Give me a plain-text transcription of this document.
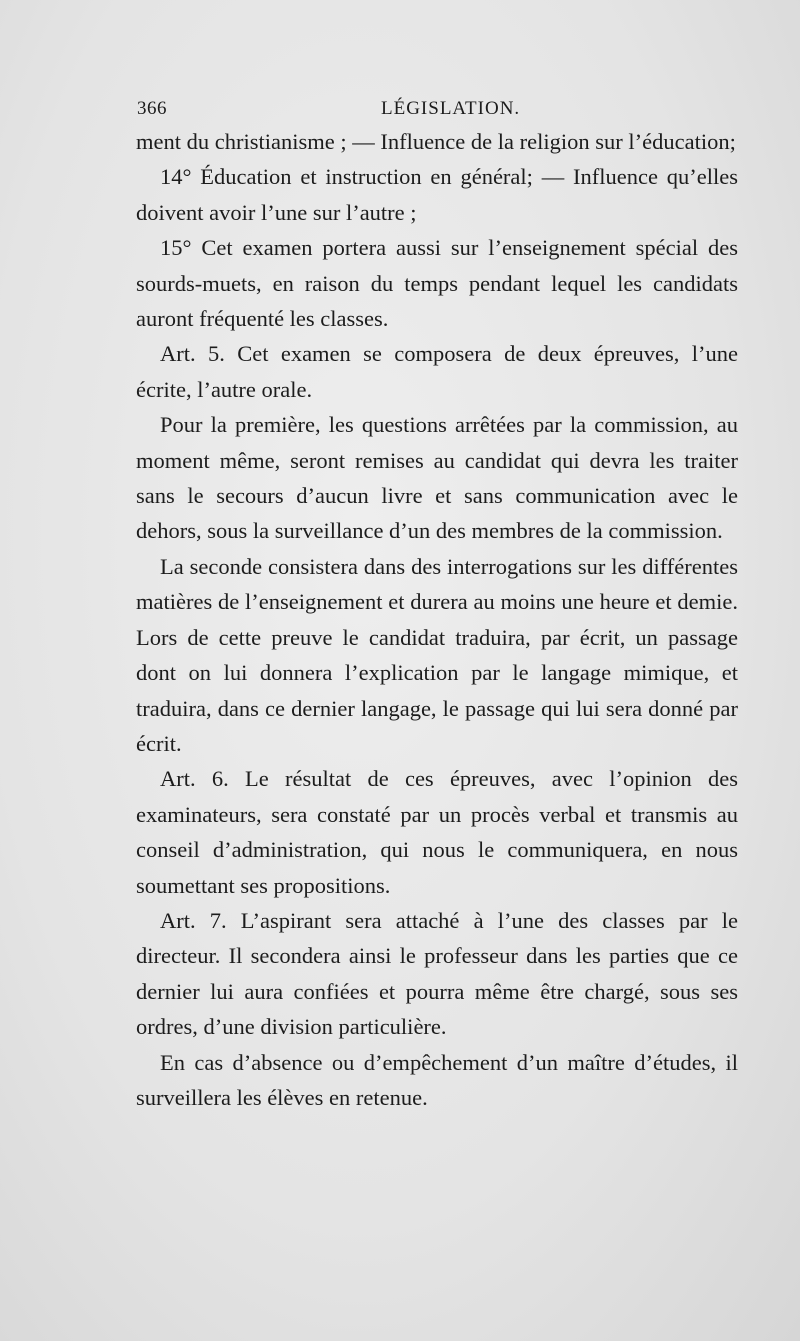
366	LÉGISLATION.

ment du christianisme ; — Influence de la religion sur l’éducation;

14° Éducation et instruction en général; — Influence qu’elles doivent avoir l’une sur l’autre ;

15° Cet examen portera aussi sur l’enseignement spécial des sourds-muets, en raison du temps pendant lequel les candidats auront fréquenté les classes.

Art. 5. Cet examen se composera de deux épreuves, l’une écrite, l’autre orale.

Pour la première, les questions arrêtées par la commission, au moment même, seront remises au candidat qui devra les traiter sans le secours d’aucun livre et sans communication avec le dehors, sous la surveillance d’un des membres de la commission.

La seconde consistera dans des interrogations sur les différentes matières de l’enseignement et durera au moins une heure et demie. Lors de cette preuve le candidat traduira, par écrit, un passage dont on lui donnera l’explication par le langage mimique, et traduira, dans ce dernier langage, le passage qui lui sera donné par écrit.

Art. 6. Le résultat de ces épreuves, avec l’opinion des examinateurs, sera constaté par un procès verbal et transmis au conseil d’administration, qui nous le communiquera, en nous soumettant ses propositions.

Art. 7. L’aspirant sera attaché à l’une des classes par le directeur. Il secondera ainsi le professeur dans les parties que ce dernier lui aura confiées et pourra même être chargé, sous ses ordres, d’une division particulière.

En cas d’absence ou d’empêchement d’un maître d’études, il surveillera les élèves en retenue.
